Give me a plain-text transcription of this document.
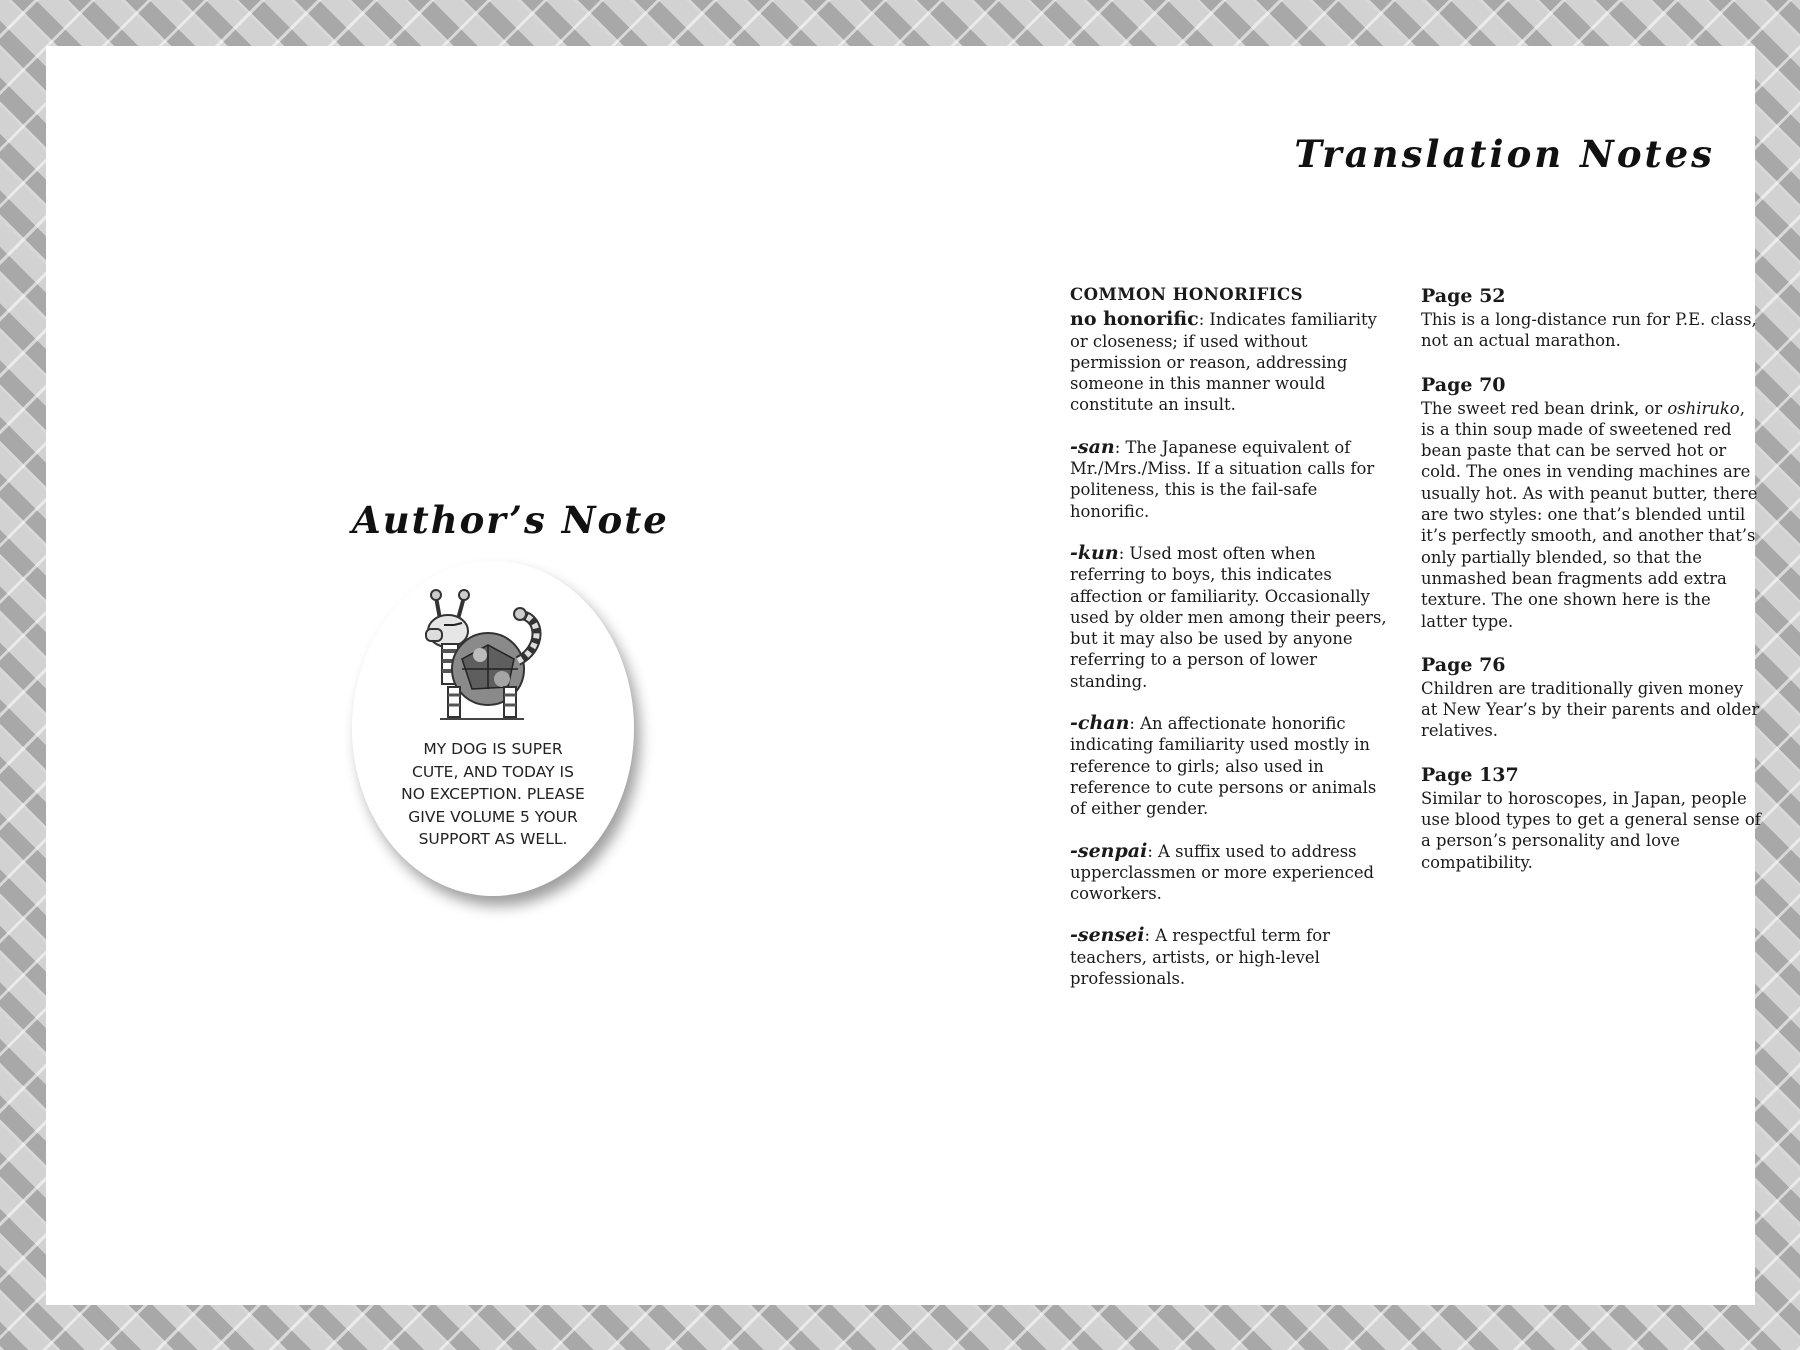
Translation Notes
Author’s Note
MY DOG IS SUPER CUTE, AND TODAY IS NO EXCEPTION. PLEASE GIVE VOLUME 5 YOUR SUPPORT AS WELL.
COMMON HONORIFICS
no honorific: Indicates familiarity or closeness; if used without permission or reason, addressing someone in this manner would constitute an insult.
-san: The Japanese equivalent of Mr./Mrs./Miss. If a situation calls for politeness, this is the fail-safe honorific.
-kun: Used most often when referring to boys, this indicates affection or familiarity. Occasionally used by older men among their peers, but it may also be used by anyone referring to a person of lower standing.
-chan: An affectionate honorific indicating familiarity used mostly in reference to girls; also used in reference to cute persons or animals of either gender.
-senpai: A suffix used to address upperclassmen or more experienced coworkers.
-sensei: A respectful term for teachers, artists, or high-level professionals.
Page 52
This is a long-distance run for P.E. class, not an actual marathon.
Page 70
The sweet red bean drink, or oshiruko, is a thin soup made of sweetened red bean paste that can be served hot or cold. The ones in vending machines are usually hot. As with peanut butter, there are two styles: one that’s blended until it’s perfectly smooth, and another that’s only partially blended, so that the unmashed bean fragments add extra texture. The one shown here is the latter type.
Page 76
Children are traditionally given money at New Year’s by their parents and older relatives.
Page 137
Similar to horoscopes, in Japan, people use blood types to get a general sense of a person’s personality and love compatibility.
